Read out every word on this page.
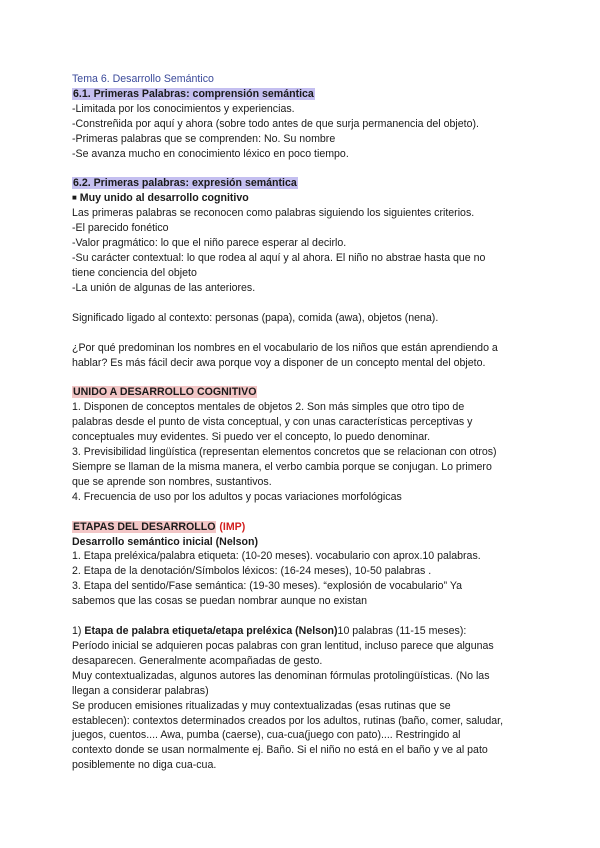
Tema 6. Desarrollo Semántico

6.1. Primeras Palabras: comprensión semántica

-Limitada por los conocimientos y experiencias.

-Constreñida por aquí y ahora (sobre todo antes de que surja permanencia del objeto).

-Primeras palabras que se comprenden: No. Su nombre

-Se avanza mucho en conocimiento léxico en poco tiempo.

6.2. Primeras palabras: expresión semántica

■ Muy unido al desarrollo cognitivo

Las primeras palabras se reconocen como palabras siguiendo los siguientes criterios.

-El parecido fonético

-Valor pragmático: lo que el niño parece esperar al decirlo.

-Su carácter contextual: lo que rodea al aquí y al ahora. El niño no abstrae hasta que no

tiene conciencia del objeto

-La unión de algunas de las anteriores.

Significado ligado al contexto: personas (papa), comida (awa), objetos (nena).

¿Por qué predominan los nombres en el vocabulario de los niños que están aprendiendo a

hablar? Es más fácil decir awa porque voy a disponer de un concepto mental del objeto.

UNIDO A DESARROLLO COGNITIVO

1. Disponen de conceptos mentales de objetos 2. Son más simples que otro tipo de

palabras desde el punto de vista conceptual, y con unas características perceptivas y

conceptuales muy evidentes. Si puedo ver el concepto, lo puedo denominar.

3. Previsibilidad lingüística (representan elementos concretos que se relacionan con otros)

Siempre se llaman de la misma manera, el verbo cambia porque se conjugan. Lo primero

que se aprende son nombres, sustantivos.

4. Frecuencia de uso por los adultos y pocas variaciones morfológicas

ETAPAS DEL DESARROLLO (IMP)

Desarrollo semántico inicial (Nelson)

1. Etapa preléxica/palabra etiqueta: (10-20 meses). vocabulario con aprox.10 palabras.

2. Etapa de la denotación/Símbolos léxicos: (16-24 meses), 10-50 palabras .

3. Etapa del sentido/Fase semántica: (19-30 meses). “explosión de vocabulario” Ya

sabemos que las cosas se puedan nombrar aunque no existan

1) Etapa de palabra etiqueta/etapa preléxica (Nelson)10 palabras (11-15 meses):

Período inicial se adquieren pocas palabras con gran lentitud, incluso parece que algunas

desaparecen. Generalmente acompañadas de gesto.

Muy contextualizadas, algunos autores las denominan fórmulas protolingüísticas. (No las

llegan a considerar palabras)

Se producen emisiones ritualizadas y muy contextualizadas (esas rutinas que se

establecen): contextos determinados creados por los adultos, rutinas (baño, comer, saludar,

juegos, cuentos.... Awa, pumba (caerse), cua-cua(juego con pato).... Restringido al

contexto donde se usan normalmente ej. Baño. Si el niño no está en el baño y ve al pato

posiblemente no diga cua-cua.
